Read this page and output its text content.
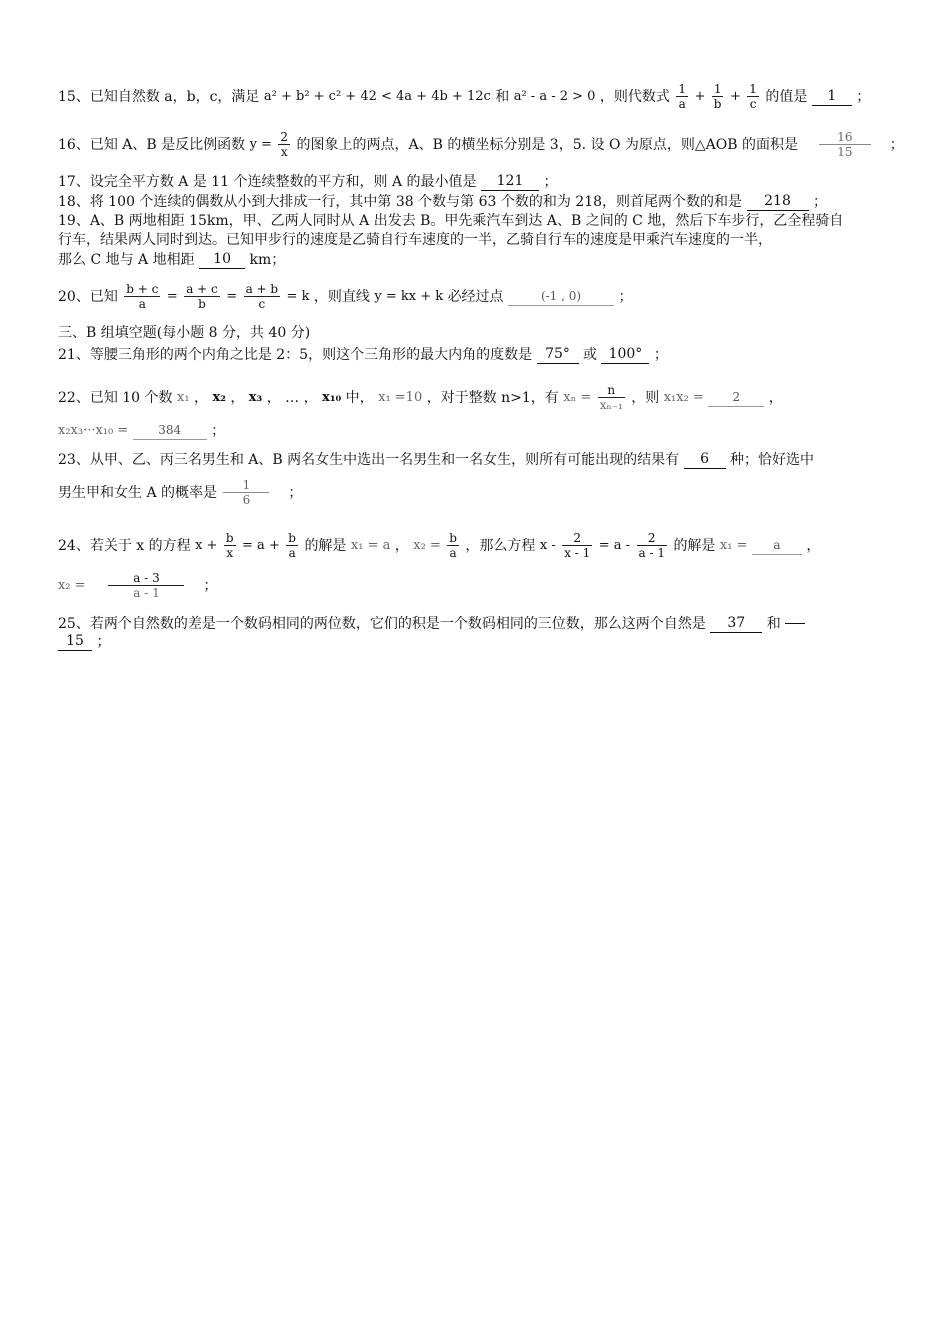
15、已知自然数 a，b，c，满足 a² + b² + c² + 42 < 4a + 4b + 12c 和 a² - a - 2 > 0 ，则代数式 $\frac{1}{a} + \frac{1}{b} + \frac{1}{c}$ 的值是 1 ；
16、已知 A、B 是反比例函数 $y = \frac{2}{x}$ 的图象上的两点，A、B 的横坐标分别是 3，5. 设 O 为原点，则△AOB 的面积是 $\frac{16}{15}$ ；
17、设完全平方数 A 是 11 个连续整数的平方和，则 A 的最小值是 121 ；
18、将 100 个连续的偶数从小到大排成一行，其中第 38 个数与第 63 个数的和为 218，则首尾两个数的和是 218 ；
19、A、B 两地相距 15km，甲、乙两人同时从 A 出发去 B。甲先乘汽车到达 A、B 之间的 C 地，然后下车步行，乙全程骑自
行车，结果两人同时到达。已知甲步行的速度是乙骑自行车速度的一半，乙骑自行车的速度是甲乘汽车速度的一半，
那么 C 地与 A 地相距 10 km；
20、已知 $\frac{b + c}{a} = \frac{a + c}{b} = \frac{a + b}{c} = k$ ，则直线 y = kx + k 必经过点	(-1 , 0)	；
三、B 组填空题(每小题 8 分，共 40 分)
21、等腰三角形的两个内角之比是 2：5，则这个三角形的最大内角的度数是 75° 或 100° ；
22、已知 10 个数 x₁ ， x₂ ， x₃ ， … ， x₁₀ 中， x₁ =10 ，对于整数 n>1，有 $x_n = \frac{n}{\text{xₙ₋₁}}$ ，则 x₁x₂ = 2 ，
x₂x₃···x₁₀ =	384 ；
23、从甲、乙、丙三名男生和 A、B 两名女生中选出一名男生和一名女生，则所有可能出现的结果有 6 种；恰好选中
男生甲和女生 A 的概率是 $\frac{1}{6}$ ；
24、若关于 x 的方程 $x + \frac{b}{x} = a + \frac{b}{a}$ 的解是 x₁ = a ， $x_2 = \frac{b}{a}$ ，那么方程 $x - \frac{2}{x - 1} = a - \frac{2}{a - 1}$ 的解是 x₁ = a ，
$x_2 = \frac{a - 3}{a - 1}$ ；
25、若两个自然数的差是一个数码相同的两位数，它们的积是一个数码相同的三位数，那么这两个自然是 37 和
15 ；
